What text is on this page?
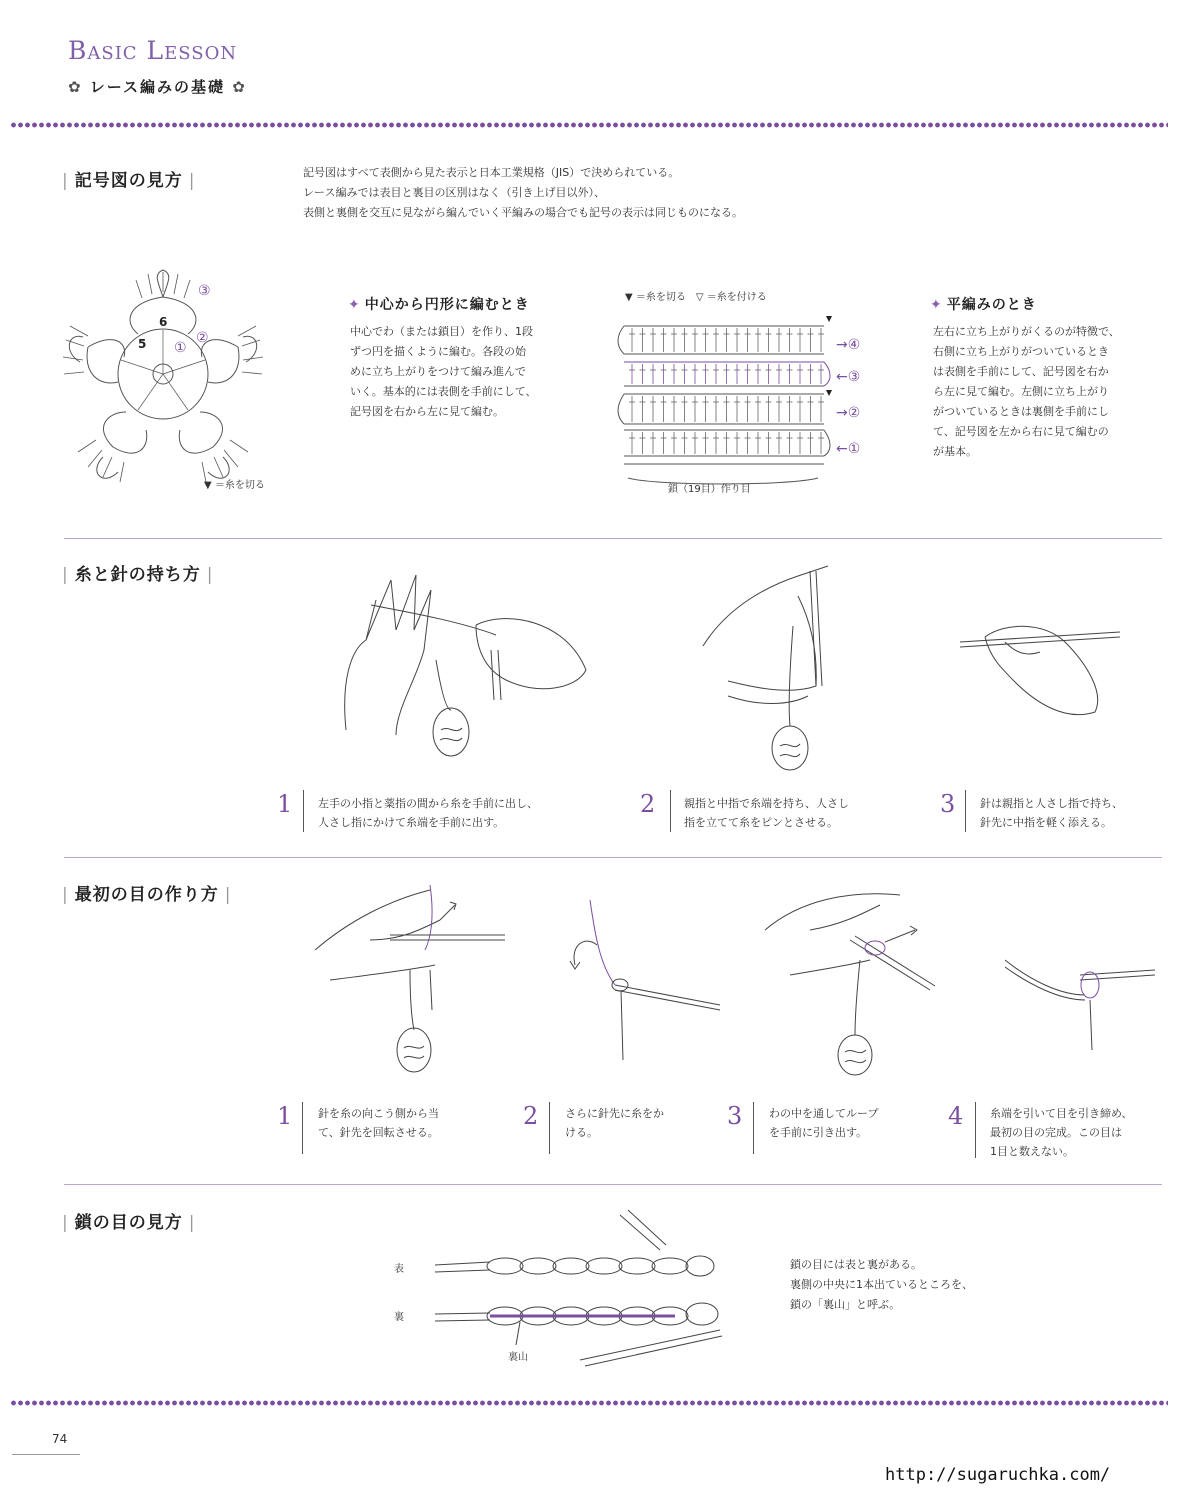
Basic Lesson
✿ レース編みの基礎 ✿
| 記号図の見方 |	記号図はすべて表側から見た表示と日本工業規格（JIS）で決められている。
レース編みでは表目と裏目の区別はなく（引き上げ目以外）、
表側と裏側を交互に見ながら編んでいく平編みの場合でも記号の表示は同じものになる。
6
5
③
②
①
▼ ＝糸を切る
✦ 中心から円形に編むとき
中心でわ（または鎖目）を作り、1段
ずつ円を描くように編む。各段の始
めに立ち上がりをつけて編み進んで
いく。基本的には表側を手前にして、
記号図を右から左に見て編む。
▼ ＝糸を切る　▽ ＝糸を付ける
→④
←③
→②
←①
鎖（19目）作り目
✦ 平編みのとき
左右に立ち上がりがくるのが特徴で、
右側に立ち上がりがついているとき
は表側を手前にして、記号図を右か
ら左に見て編む。左側に立ち上がり
がついているときは裏側を手前にし
て、記号図を左から右に見て編むの
が基本。
| 糸と針の持ち方 |
1 左手の小指と薬指の間から糸を手前に出し、
人さし指にかけて糸端を手前に出す。
2	親指と中指で糸端を持ち、人さし
指を立てて糸をピンとさせる。
3 針は親指と人さし指で持ち、
針先に中指を軽く添える。
| 最初の目の作り方 |
1 針を糸の向こう側から当
て、針先を回転させる。
2 さらに針先に糸をか
ける。
3 わの中を通してループ
を手前に引き出す。
4 糸端を引いて目を引き締め、
最初の目の完成。この目は
1目と数えない。
| 鎖の目の見方 |
表
裏
裏山
鎖の目には表と裏がある。
裏側の中央に1本出ているところを、
鎖の「裏山」と呼ぶ。
74
http://sugaruchka.com/
